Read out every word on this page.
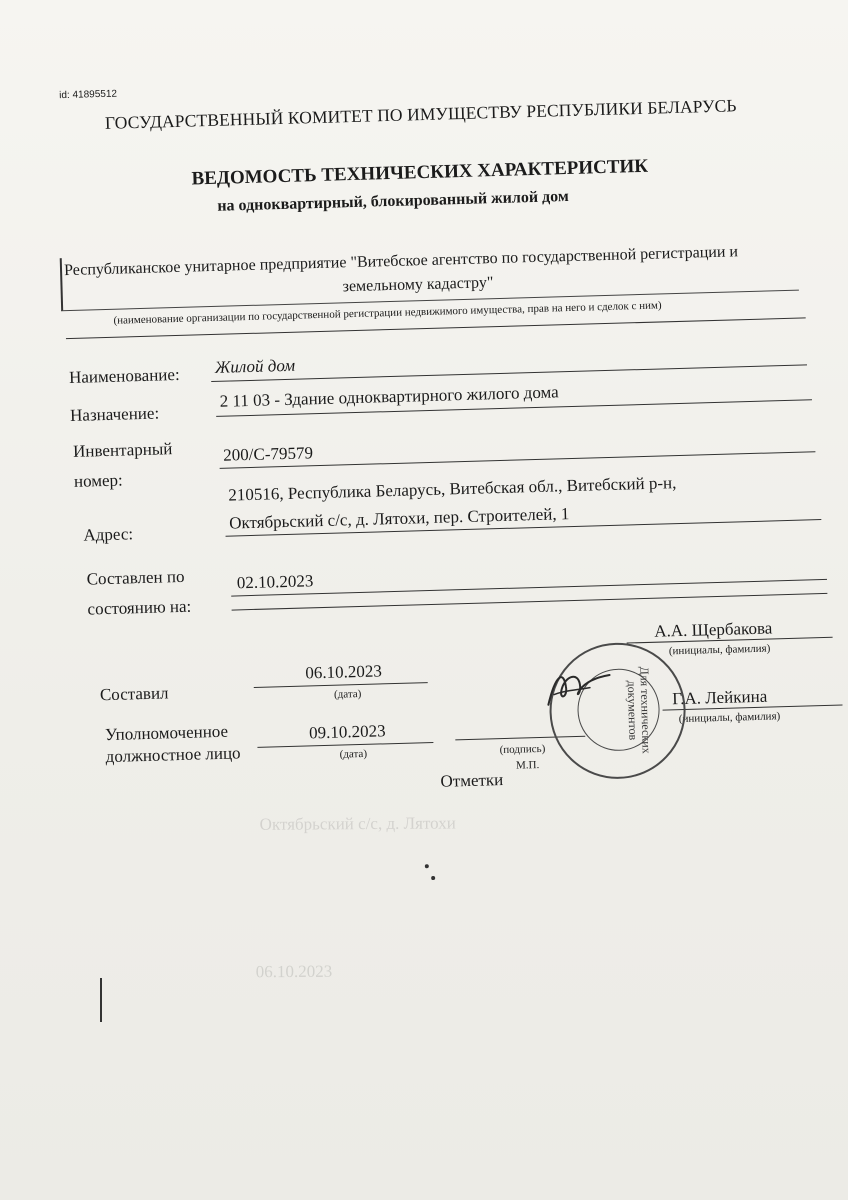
06.10.2023
Октябрьский с/с, д. Лятохи
id: 41895512
ГОСУДАРСТВЕННЫЙ КОМИТЕТ ПО ИМУЩЕСТВУ РЕСПУБЛИКИ БЕЛАРУСЬ
ВЕДОМОСТЬ ТЕХНИЧЕСКИХ ХАРАКТЕРИСТИК
на одноквартирный, блокированный жилой дом
Республиканское унитарное предприятие "Витебское агентство по государственной регистрации и
земельному кадастру"
(наименование организации по государственной регистрации недвижимого имущества, прав на него и сделок с ним)
Наименование: Жилой дом
Назначение:
2 11 03 - Здание одноквартирного жилого дома
Инвентарный
номер:
200/С-79579
Адрес:
210516, Республика Беларусь, Витебская обл., Витебский р-н,
Октябрьский с/с, д. Лятохи, пер. Строителей, 1
Составлен по
состоянию на:
02.10.2023
А.А. Щербакова
(инициалы, фамилия)
Составил
06.10.2023
(дата)	Г.А. Лейкина
(инициалы, фамилия)
Уполномоченное
должностное лицо
09.10.2023
(дата)	(подпись)
М.П.
Для технических документов
Отметки
